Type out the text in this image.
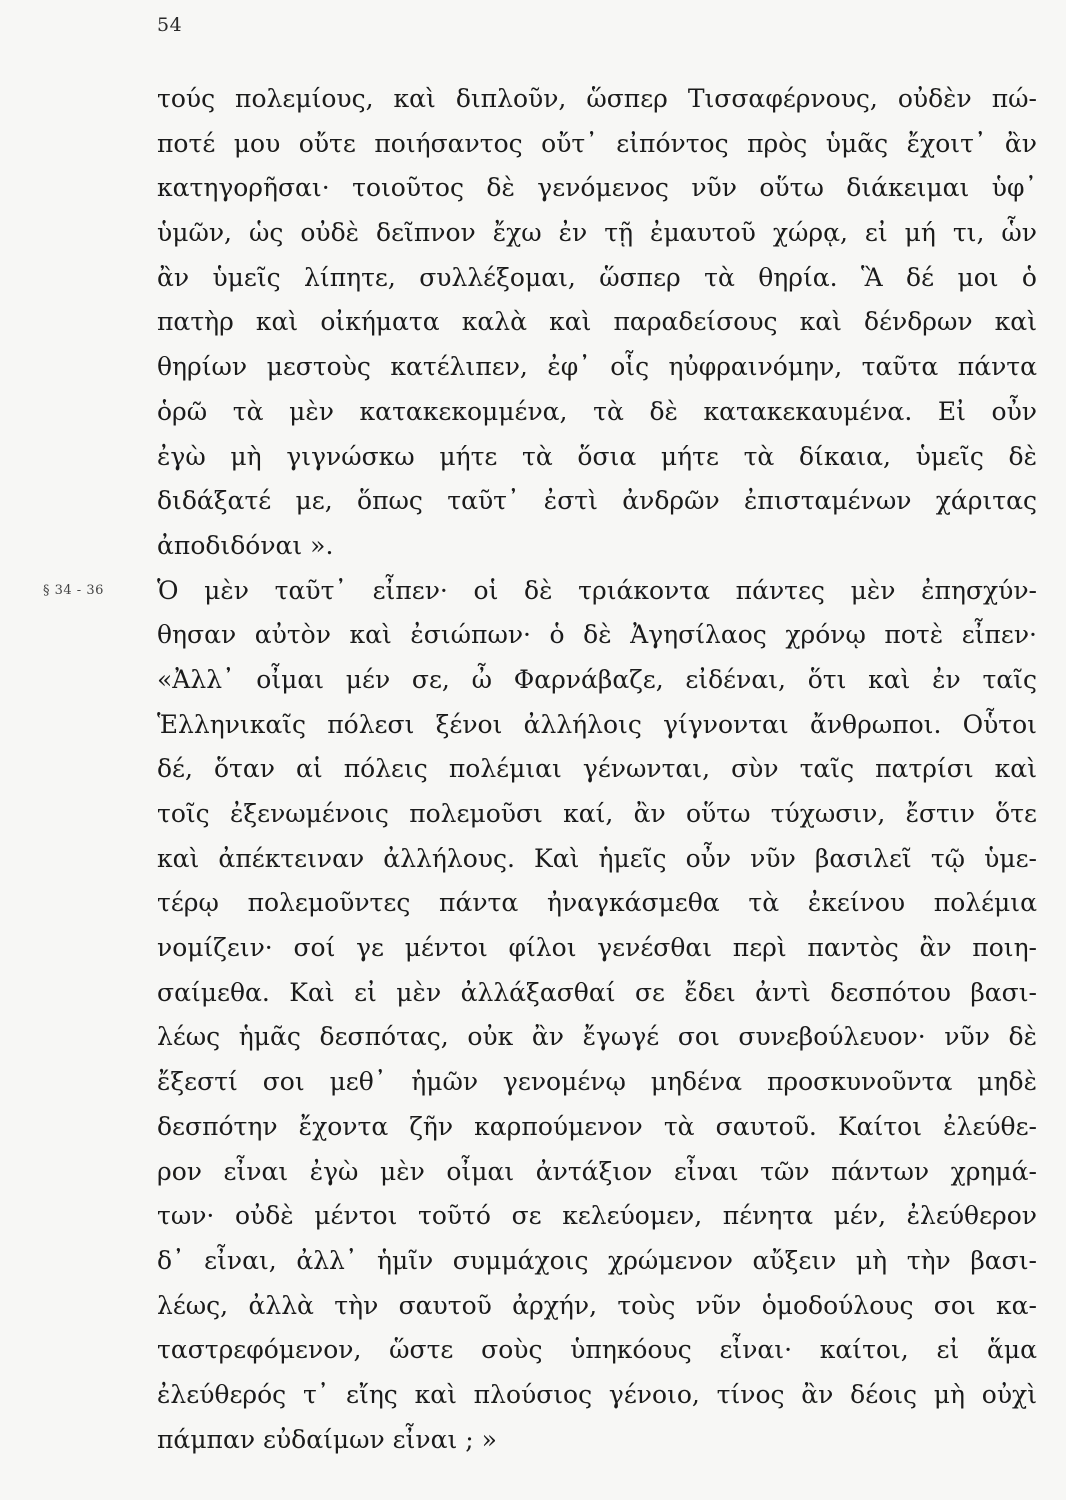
54
τούς πολεμίους, καὶ διπλοῦν, ὥσπερ Τισσαφέρνους, οὐδὲν πώ-
ποτέ μου οὔτε ποιήσαντος οὔτ᾽ εἰπόντος πρὸς ὑμᾶς ἔχοιτ᾽ ἂν
κατηγορῆσαι· τοιοῦτος δὲ γενόμενος νῦν οὕτω διάκειμαι ὑφ᾽
ὑμῶν, ὡς οὐδὲ δεῖπνον ἔχω ἐν τῇ ἐμαυτοῦ χώρᾳ, εἰ μή τι, ὧν
ἂν ὑμεῖς λίπητε, συλλέξομαι, ὥσπερ τὰ θηρία. Ἃ δέ μοι ὁ
πατὴρ καὶ οἰκήματα καλὰ καὶ παραδείσους καὶ δένδρων καὶ
θηρίων μεστοὺς κατέλιπεν, ἐφ᾽ οἷς ηὐφραινόμην, ταῦτα πάντα
ὁρῶ τὰ μὲν κατακεκομμένα, τὰ δὲ κατακεκαυμένα. Εἰ οὖν
ἐγὼ μὴ γιγνώσκω μήτε τὰ ὅσια μήτε τὰ δίκαια, ὑμεῖς δὲ
διδάξατέ με, ὅπως ταῦτ᾽ ἐστὶ ἀνδρῶν ἐπισταμένων χάριτας
ἀποδιδόναι ».
§ 34 - 36 Ὁ μὲν ταῦτ᾽ εἶπεν· οἱ δὲ τριάκοντα πάντες μὲν ἐπησχύν-
θησαν αὐτὸν καὶ ἐσιώπων· ὁ δὲ Ἀγησίλαος χρόνῳ ποτὲ εἶπεν·
«Ἀλλ᾽ οἶμαι μέν σε, ὦ Φαρνάβαζε, εἰδέναι, ὅτι καὶ ἐν ταῖς
Ἑλληνικαῖς πόλεσι ξένοι ἀλλήλοις γίγνονται ἄνθρωποι. Οὗτοι
δέ, ὅταν αἱ πόλεις πολέμιαι γένωνται, σὺν ταῖς πατρίσι καὶ
τοῖς ἐξενωμένοις πολεμοῦσι καί, ἂν οὕτω τύχωσιν, ἔστιν ὅτε
καὶ ἀπέκτειναν ἀλλήλους. Καὶ ἡμεῖς οὖν νῦν βασιλεῖ τῷ ὑμε-
τέρῳ πολεμοῦντες πάντα ἠναγκάσμεθα τὰ ἐκείνου πολέμια
νομίζειν· σοί γε μέντοι φίλοι γενέσθαι περὶ παντὸς ἂν ποιη-
σαίμεθα. Καὶ εἰ μὲν ἀλλάξασθαί σε ἔδει ἀντὶ δεσπότου βασι-
λέως ἡμᾶς δεσπότας, οὐκ ἂν ἔγωγέ σοι συνεβούλευον· νῦν δὲ
ἔξεστί σοι μεθ᾽ ἡμῶν γενομένῳ μηδένα προσκυνοῦντα μηδὲ
δεσπότην ἔχοντα ζῆν καρπούμενον τὰ σαυτοῦ. Καίτοι ἐλεύθε-
ρον εἶναι ἐγὼ μὲν οἶμαι ἀντάξιον εἶναι τῶν πάντων χρημά-
των· οὐδὲ μέντοι τοῦτό σε κελεύομεν, πένητα μέν, ἐλεύθερον
δ᾽ εἶναι, ἀλλ᾽ ἡμῖν συμμάχοις χρώμενον αὔξειν μὴ τὴν βασι-
λέως, ἀλλὰ τὴν σαυτοῦ ἀρχήν, τοὺς νῦν ὁμοδούλους σοι κα-
ταστρεφόμενον, ὥστε σοὺς ὑπηκόους εἶναι· καίτοι, εἰ ἅμα
ἐλεύθερός τ᾽ εἴης καὶ πλούσιος γένοιο, τίνος ἂν δέοις μὴ οὐχὶ
πάμπαν εὐδαίμων εἶναι ; »
